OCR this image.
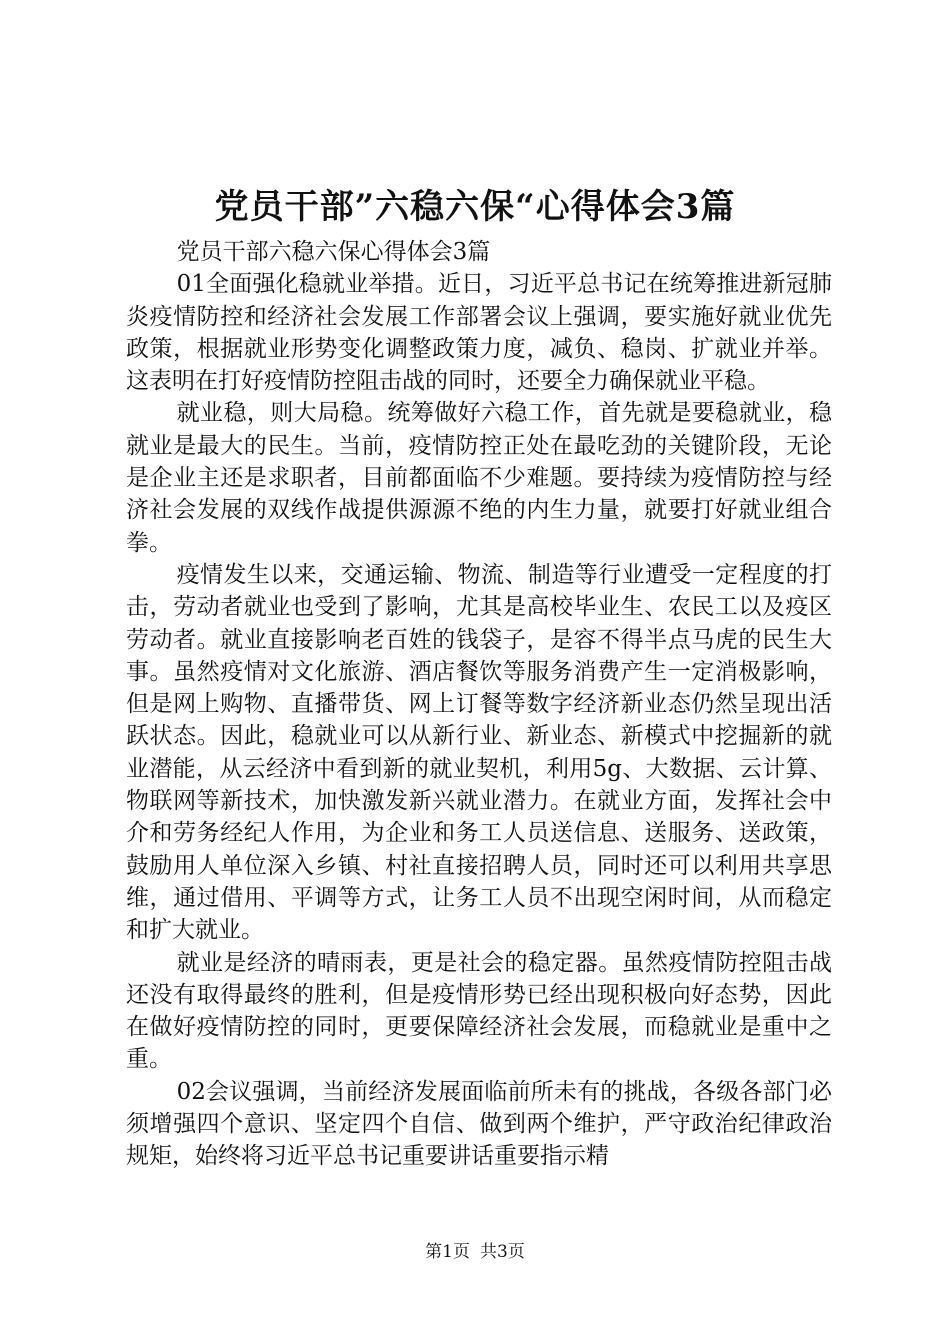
党员干部”六稳六保“心得体会3篇

党员干部六稳六保心得体会3篇

01全面强化稳就业举措。近日，习近平总书记在统筹推进新冠肺炎疫情防控和经济社会发展工作部署会议上强调，要实施好就业优先政策，根据就业形势变化调整政策力度，减负、稳岗、扩就业并举。这表明在打好疫情防控阻击战的同时，还要全力确保就业平稳。

就业稳，则大局稳。统筹做好六稳工作，首先就是要稳就业，稳就业是最大的民生。当前，疫情防控正处在最吃劲的关键阶段，无论是企业主还是求职者，目前都面临不少难题。要持续为疫情防控与经济社会发展的双线作战提供源源不绝的内生力量，就要打好就业组合拳。

疫情发生以来，交通运输、物流、制造等行业遭受一定程度的打击，劳动者就业也受到了影响，尤其是高校毕业生、农民工以及疫区劳动者。就业直接影响老百姓的钱袋子，是容不得半点马虎的民生大事。虽然疫情对文化旅游、酒店餐饮等服务消费产生一定消极影响，但是网上购物、直播带货、网上订餐等数字经济新业态仍然呈现出活跃状态。因此，稳就业可以从新行业、新业态、新模式中挖掘新的就业潜能，从云经济中看到新的就业契机，利用5g、大数据、云计算、物联网等新技术，加快激发新兴就业潜力。在就业方面，发挥社会中介和劳务经纪人作用，为企业和务工人员送信息、送服务、送政策，鼓励用人单位深入乡镇、村社直接招聘人员，同时还可以利用共享思维，通过借用、平调等方式，让务工人员不出现空闲时间，从而稳定和扩大就业。

就业是经济的晴雨表，更是社会的稳定器。虽然疫情防控阻击战还没有取得最终的胜利，但是疫情形势已经出现积极向好态势，因此在做好疫情防控的同时，更要保障经济社会发展，而稳就业是重中之重。

02会议强调，当前经济发展面临前所未有的挑战，各级各部门必须增强四个意识、坚定四个自信、做到两个维护，严守政治纪律政治规矩，始终将习近平总书记重要讲话重要指示精

第1页 共3页
